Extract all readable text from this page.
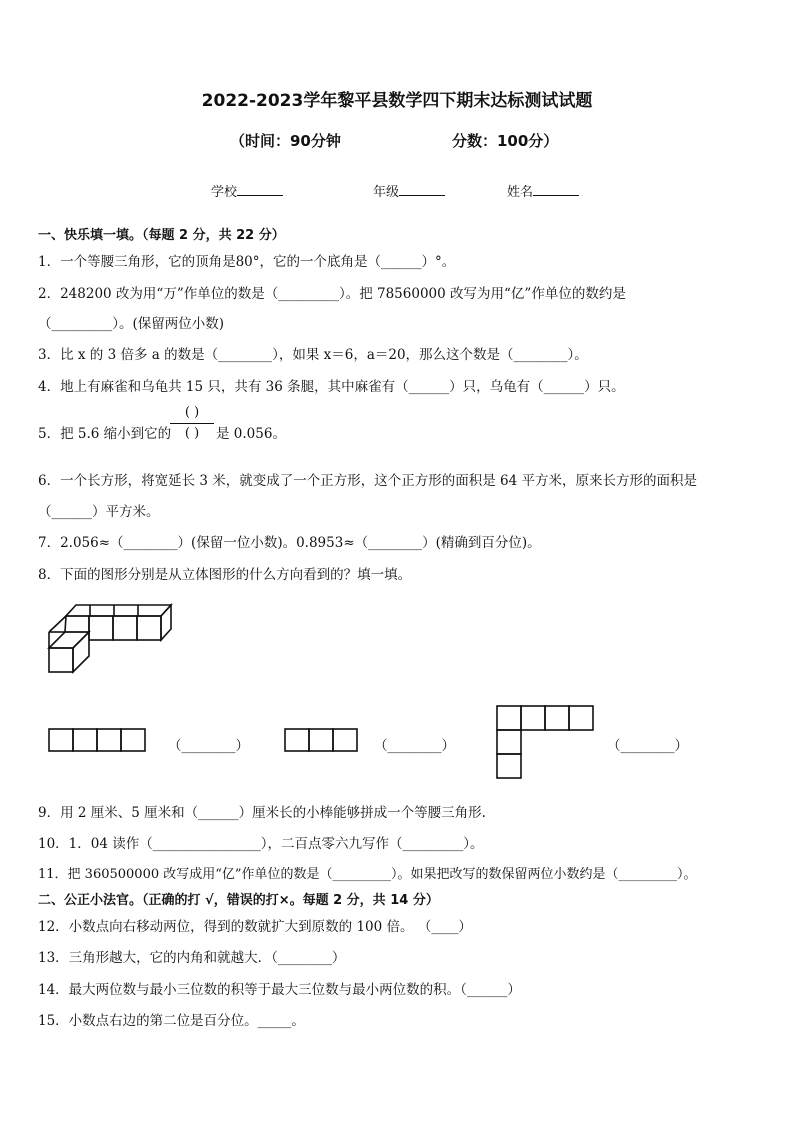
2022-2023学年黎平县数学四下期末达标测试试题
（时间：90分钟	分数：100分）
学校	年级	姓名
一、快乐填一填。（每题 2 分，共 22 分）
1．一个等腰三角形，它的顶角是80°，它的一个底角是（______）°。
2．248200 改为用“万”作单位的数是（_________）。把 78560000 改写为用“亿”作单位的数约是
（_________）。(保留两位小数)
3．比 x 的 3 倍多 a 的数是（________），如果 x＝6，a＝20，那么这个数是（________）。
4．地上有麻雀和乌龟共 15 只，共有 36 条腿，其中麻雀有（______）只，乌龟有（______）只。
5．把 5.6 缩小到它的
( )
( )	是 0.056。
6．一个长方形，将宽延长 3 米，就变成了一个正方形，这个正方形的面积是 64 平方米，原来长方形的面积是
（______）平方米。
7．2.056≈（________）(保留一位小数)。0.8953≈（________）(精确到百分位)。
8．下面的图形分别是从立体图形的什么方向看到的？填一填。
（________）	（________）	（________）
9．用 2 厘米、5 厘米和（______）厘米长的小棒能够拼成一个等腰三角形.
10．1．04 读作（________________），二百点零六九写作（_________）。
11．把 360500000 改写成用“亿”作单位的数是（_________）。如果把改写的数保留两位小数约是（_________）。
二、公正小法官。（正确的打 √，错误的打×。每题 2 分，共 14 分）
12．小数点向右移动两位，得到的数就扩大到原数的 100 倍。 （____）
13．三角形越大，它的内角和就越大．（________）
14．最大两位数与最小三位数的积等于最大三位数与最小两位数的积。（______）
15．小数点右边的第二位是百分位。_____。
